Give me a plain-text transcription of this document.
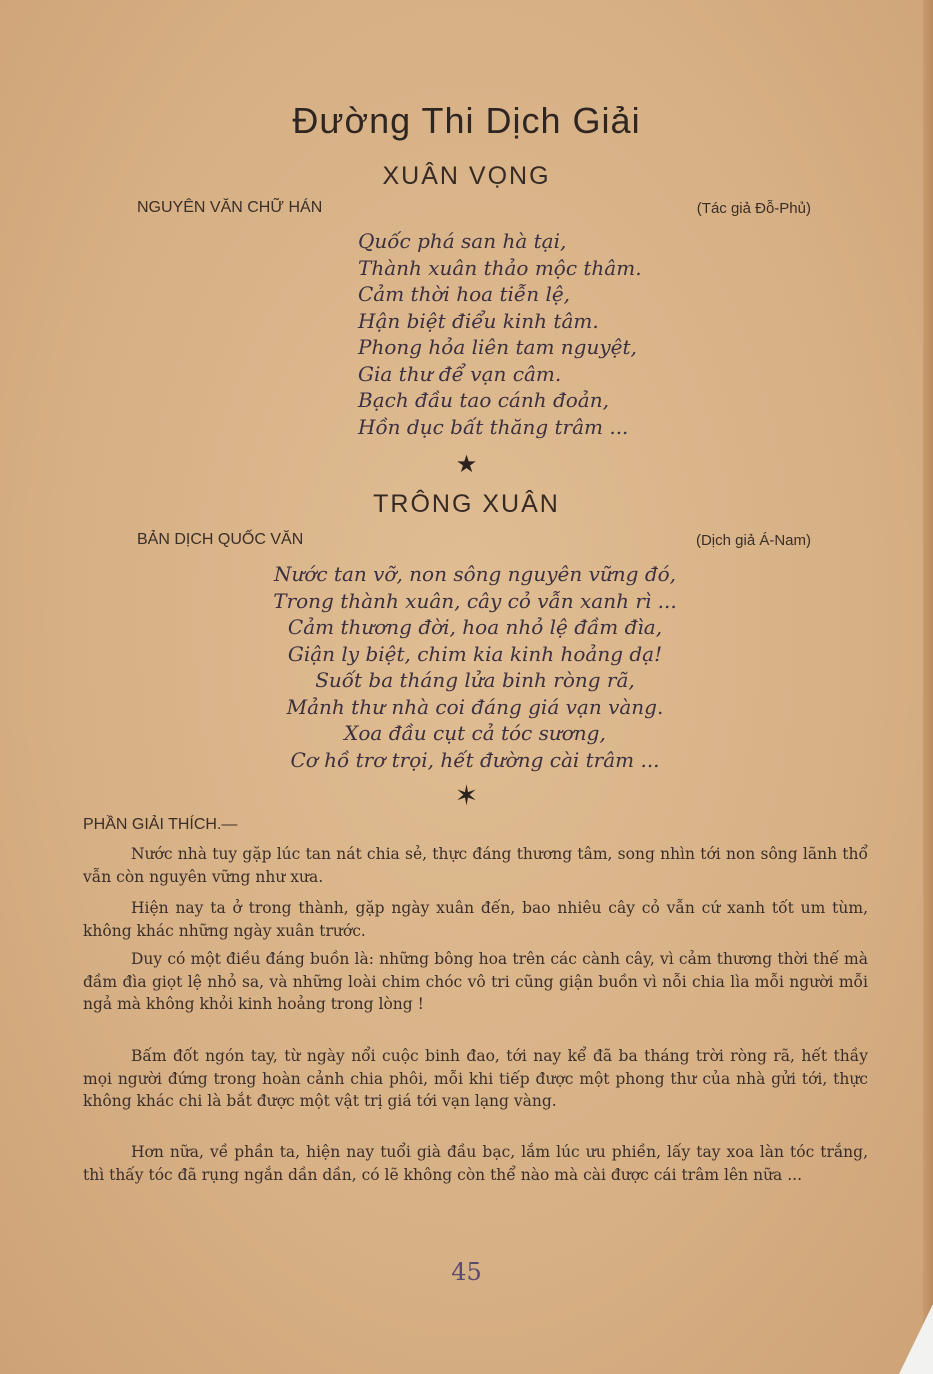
Đường Thi Dịch Giải
XUÂN VỌNG
NGUYÊN VĂN CHỮ HÁN	(Tác giả Đỗ-Phủ)
Quốc phá san hà tại,
Thành xuân thảo mộc thâm.
Cảm thời hoa tiễn lệ,
Hận biệt điểu kinh tâm.
Phong hỏa liên tam nguyệt,
Gia thư để vạn câm.
Bạch đầu tao cánh đoản,
Hồn dục bất thăng trâm ...
★
TRÔNG XUÂN
BẢN DỊCH QUỐC VĂN	(Dịch giả Á-Nam)
Nước tan vỡ, non sông nguyên vững đó,
Trong thành xuân, cây cỏ vẫn xanh rì ...
Cảm thương đời, hoa nhỏ lệ đầm đìa,
Giận ly biệt, chim kia kinh hoảng dạ!
Suốt ba tháng lửa binh ròng rã,
Mảnh thư nhà coi đáng giá vạn vàng.
Xoa đầu cụt cả tóc sương,
Cơ hồ trơ trọi, hết đường cài trâm ...
✶
PHẦN GIẢI THÍCH.—

Nước nhà tuy gặp lúc tan nát chia sẻ, thực đáng thương tâm, song nhìn tới non sông lãnh thổ vẫn còn nguyên vững như xưa.

Hiện nay ta ở trong thành, gặp ngày xuân đến, bao nhiêu cây cỏ vẫn cứ xanh tốt um tùm, không khác những ngày xuân trước.

Duy có một điều đáng buồn là: những bông hoa trên các cành cây, vì cảm thương thời thế mà đầm đìa giọt lệ nhỏ sa, và những loài chim chóc vô tri cũng giận buồn vì nỗi chia lìa mỗi người mỗi ngả mà không khỏi kinh hoảng trong lòng !

Bấm đốt ngón tay, từ ngày nổi cuộc binh đao, tới nay kể đã ba tháng trời ròng rã, hết thầy mọi người đứng trong hoàn cảnh chia phôi, mỗi khi tiếp được một phong thư của nhà gửi tới, thực không khác chi là bắt được một vật trị giá tới vạn lạng vàng.

Hơn nữa, về phần ta, hiện nay tuổi già đầu bạc, lắm lúc ưu phiền, lấy tay xoa làn tóc trắng, thì thấy tóc đã rụng ngắn dần dần, có lẽ không còn thể nào mà cài được cái trâm lên nữa ...

45
